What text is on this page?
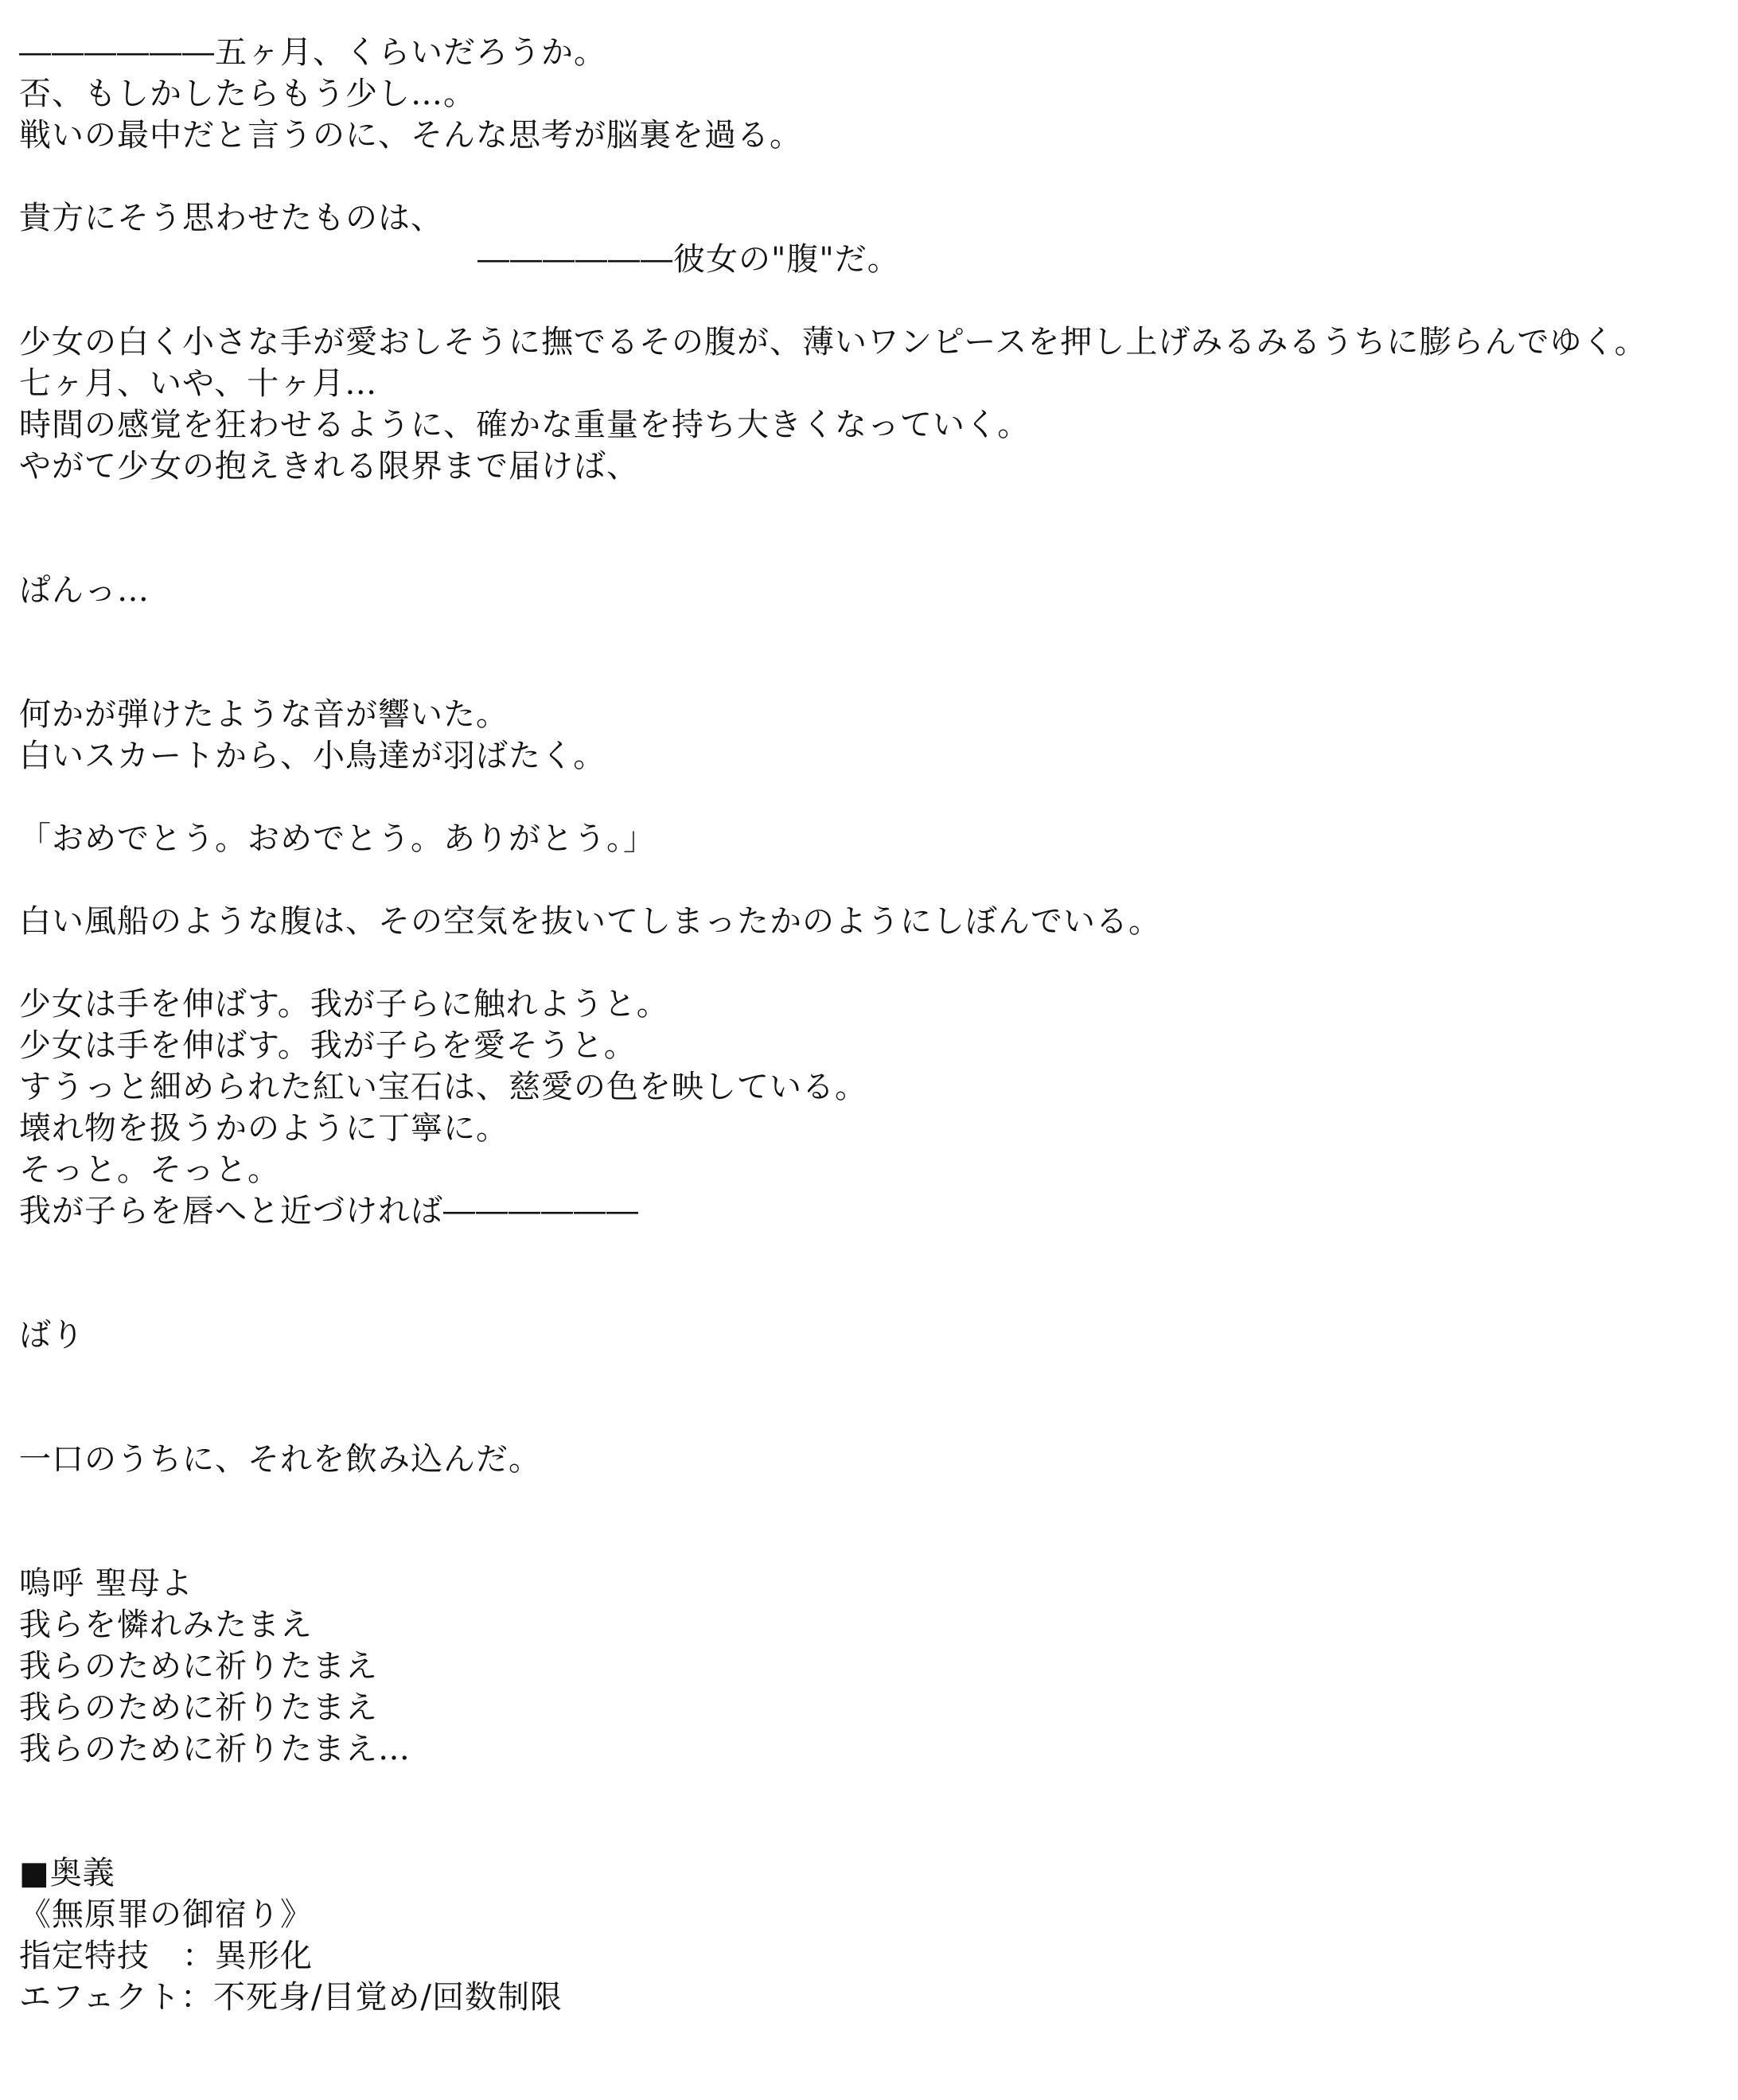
――――――五ヶ月、くらいだろうか。
否、もしかしたらもう少し…。
戦いの最中だと言うのに、そんな思考が脳裏を過る。
貴方にそう思わせたものは、
――――――彼女の"腹"だ。
少女の白く小さな手が愛おしそうに撫でるその腹が、薄いワンピースを押し上げみるみるうちに膨らんでゆく。
七ヶ月、いや、十ヶ月…
時間の感覚を狂わせるように、確かな重量を持ち大きくなっていく。
やがて少女の抱えきれる限界まで届けば、
ぱんっ…
何かが弾けたような音が響いた。
白いスカートから、小鳥達が羽ばたく。
「おめでとう。おめでとう。ありがとう。」
白い風船のような腹は、その空気を抜いてしまったかのようにしぼんでいる。
少女は手を伸ばす。我が子らに触れようと。
少女は手を伸ばす。我が子らを愛そうと。
すうっと細められた紅い宝石は、慈愛の色を映している。
壊れ物を扱うかのように丁寧に。
そっと。そっと。
我が子らを唇へと近づければ――――――
ばり
一口のうちに、それを飲み込んだ。
嗚呼 聖母よ
我らを憐れみたまえ
我らのために祈りたまえ
我らのために祈りたまえ
我らのために祈りたまえ…
■奥義
《無原罪の御宿り》
指定特技　：異形化
エフェクト：不死身/目覚め/回数制限
